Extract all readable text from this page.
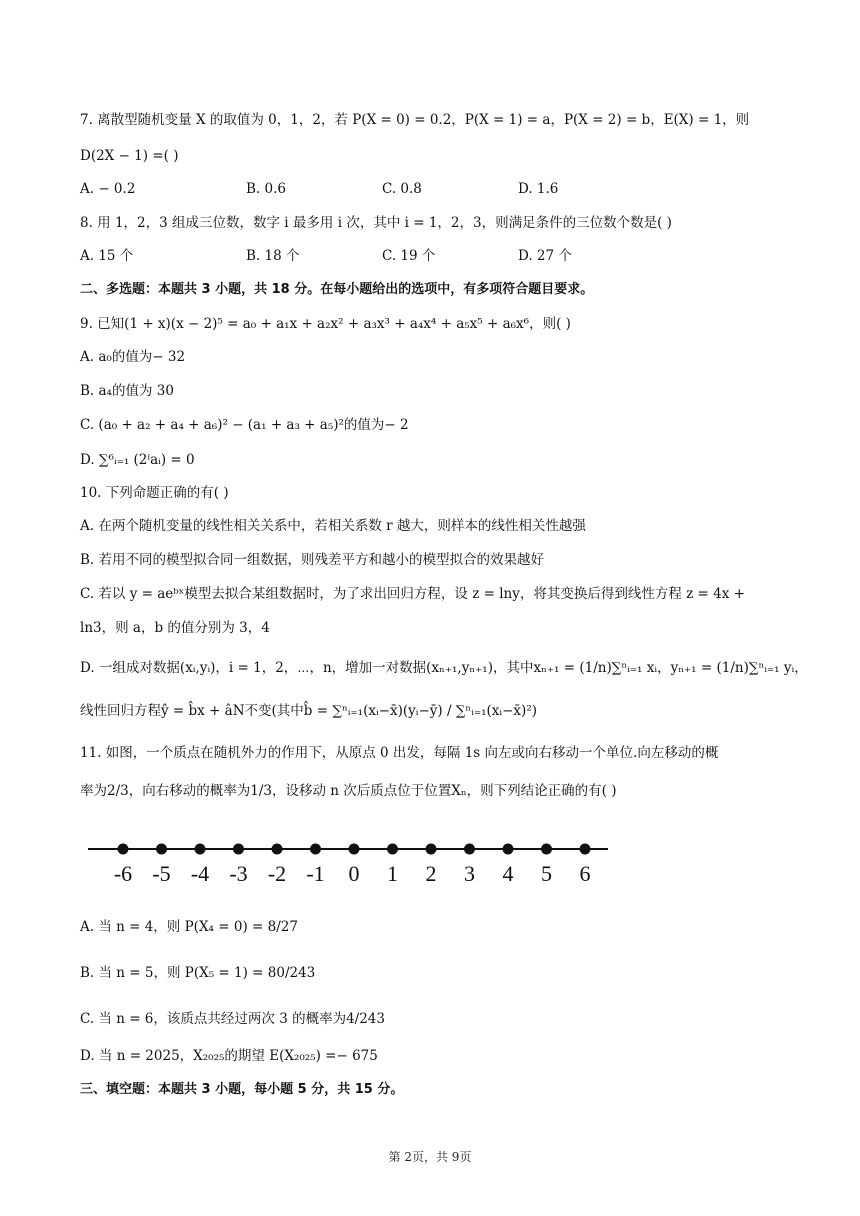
7. 离散型随机变量 X 的取值为 0，1，2，若 P(X = 0) = 0.2，P(X = 1) = a，P(X = 2) = b，E(X) = 1，则
D(2X − 1) =( )
A. − 0.2	B. 0.6	C. 0.8	D. 1.6
8. 用 1，2，3 组成三位数，数字 i 最多用 i 次，其中 i = 1，2，3，则满足条件的三位数个数是( )
A. 15 个	B. 18 个	C. 19 个	D. 27 个
二、多选题：本题共 3 小题，共 18 分。在每小题给出的选项中，有多项符合题目要求。
9. 已知(1 + x)(x − 2)⁵ = a₀ + a₁x + a₂x² + a₃x³ + a₄x⁴ + a₅x⁵ + a₆x⁶，则( )
A. a₀的值为− 32
B. a₄的值为 30
C. (a₀ + a₂ + a₄ + a₆)² − (a₁ + a₃ + a₅)²的值为− 2
D. ∑⁶ᵢ₌₁ (2ⁱaᵢ) = 0
10. 下列命题正确的有( )
A. 在两个随机变量的线性相关关系中，若相关系数 r 越大，则样本的线性相关性越强
B. 若用不同的模型拟合同一组数据，则残差平方和越小的模型拟合的效果越好
C. 若以 y = aeᵇˣ模型去拟合某组数据时，为了求出回归方程，设 z = lny，将其变换后得到线性方程 z = 4x +
ln3，则 a，b 的值分别为 3，4
D. 一组成对数据(xᵢ,yᵢ)，i = 1，2，⋯，n，增加一对数据(xₙ₊₁,yₙ₊₁)，其中xₙ₊₁ = (1/n)∑ⁿᵢ₌₁ xᵢ，yₙ₊₁ = (1/n)∑ⁿᵢ₌₁ yᵢ，
线性回归方程ŷ = b̂x + âN不变(其中b̂ = ∑ⁿᵢ₌₁(xᵢ−x̄)(yᵢ−ȳ) / ∑ⁿᵢ₌₁(xᵢ−x̄)²)
11. 如图，一个质点在随机外力的作用下，从原点 0 出发，每隔 1s 向左或向右移动一个单位.向左移动的概
率为2/3，向右移动的概率为1/3，设移动 n 次后质点位于位置Xₙ，则下列结论正确的有( )
-6 -5 -4 -3 -2 -1 0 1 2 3 4 5 6
A. 当 n = 4，则 P(X₄ = 0) = 8/27
B. 当 n = 5，则 P(X₅ = 1) = 80/243
C. 当 n = 6，该质点共经过两次 3 的概率为4/243
D. 当 n = 2025，X₂₀₂₅的期望 E(X₂₀₂₅) =− 675
三、填空题：本题共 3 小题，每小题 5 分，共 15 分。
第 2页，共 9页
